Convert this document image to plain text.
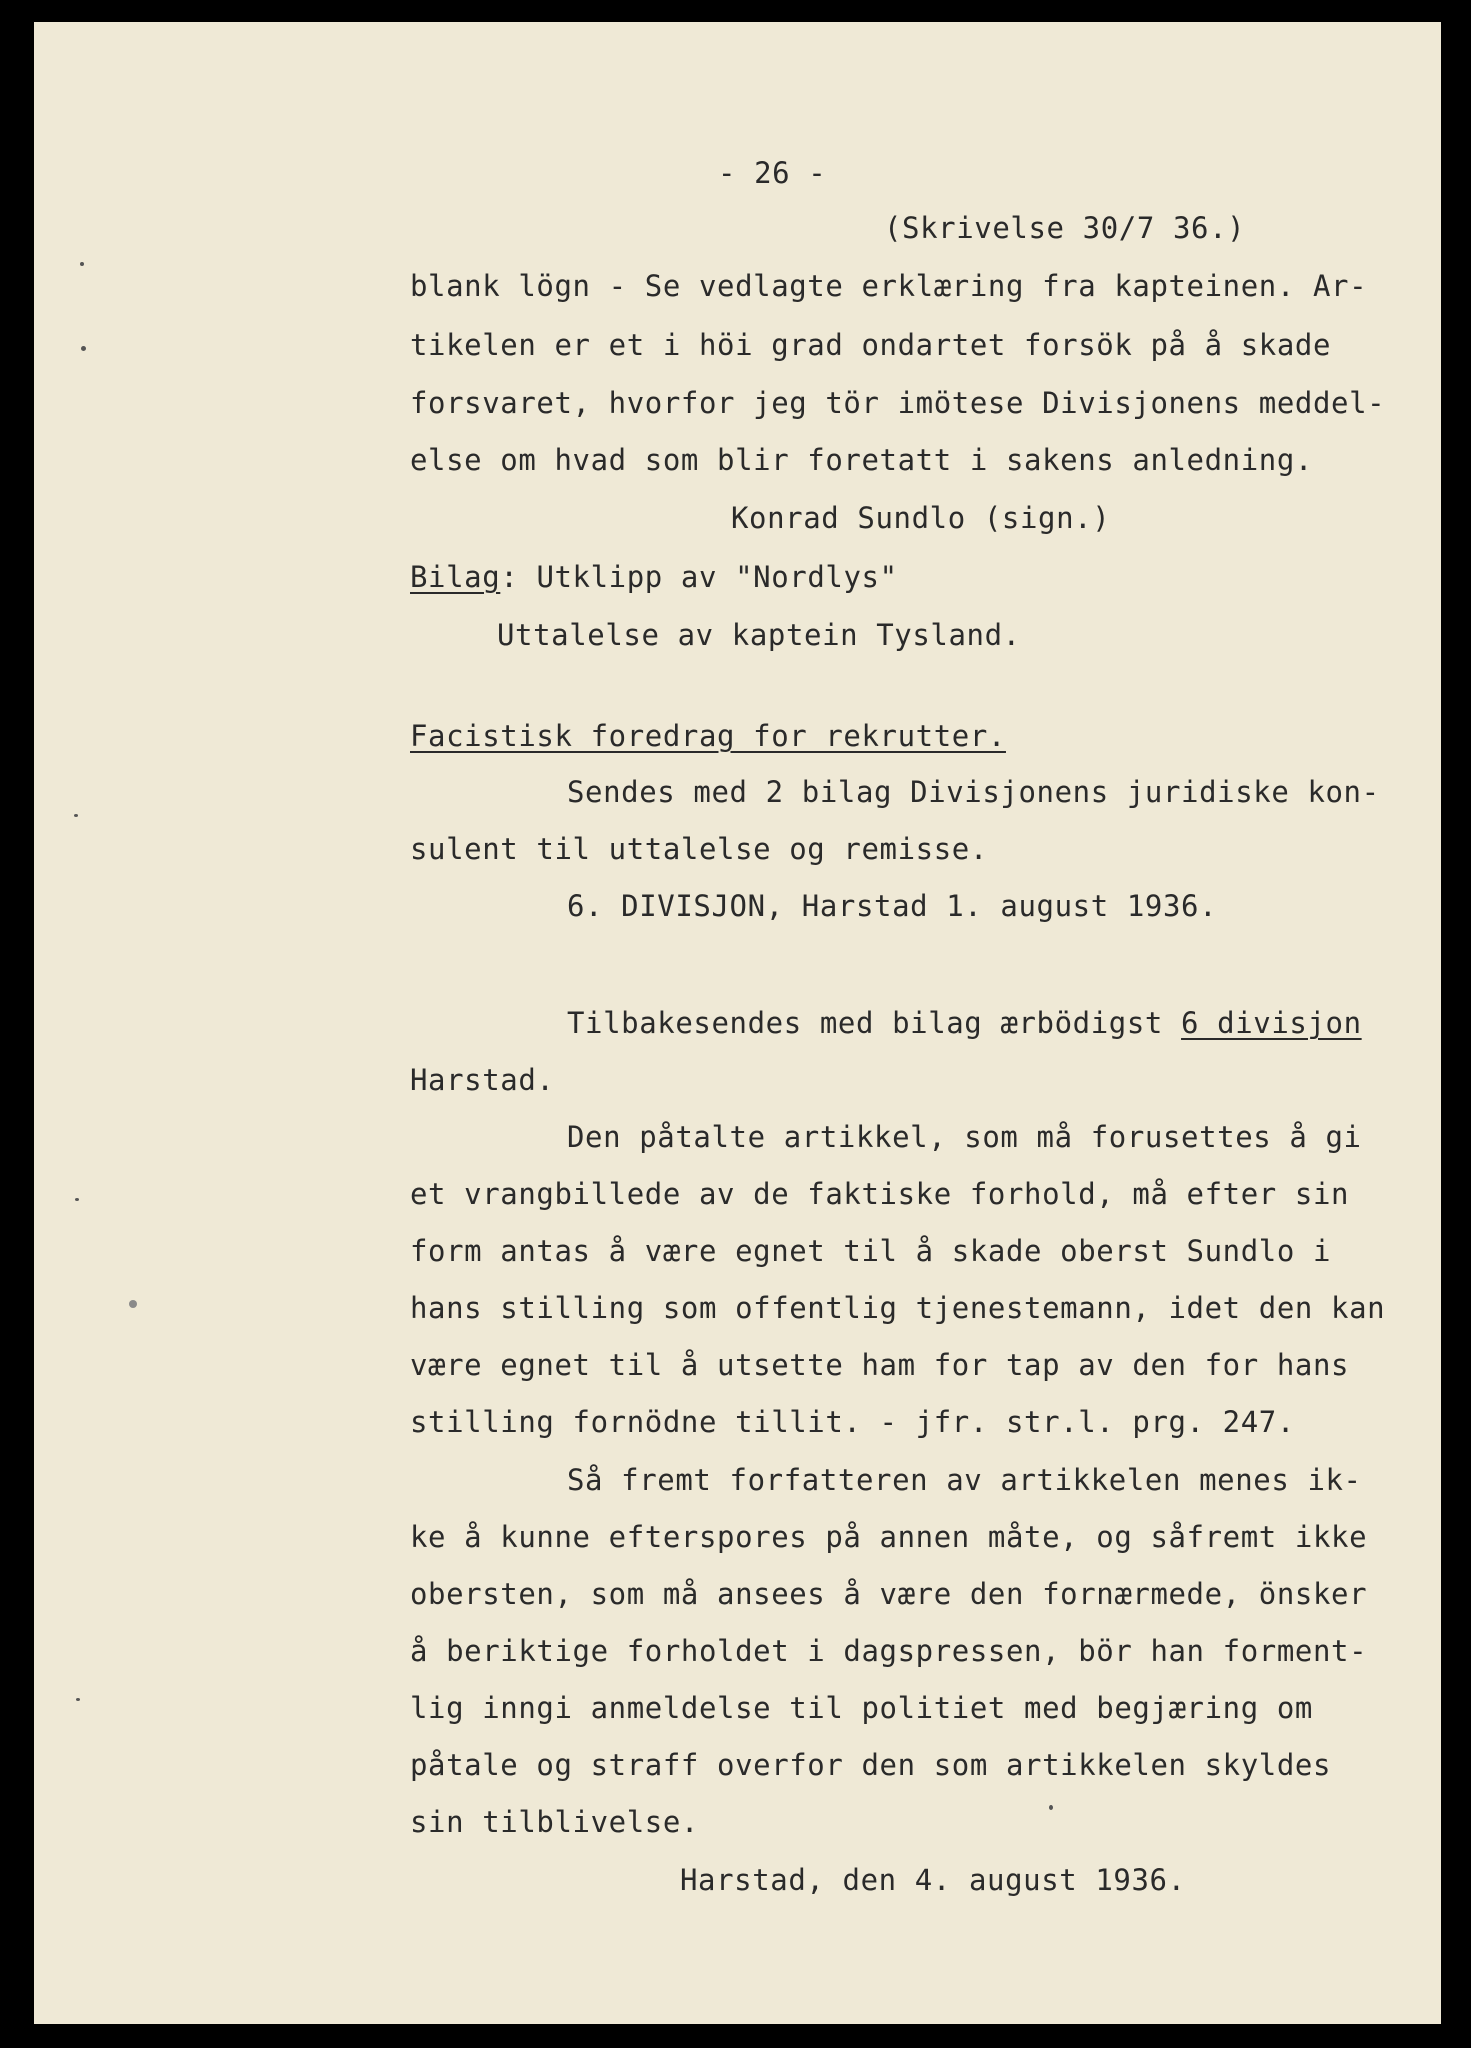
- 26 -
(Skrivelse 30/7 36.)
blank lögn - Se vedlagte erklæring fra kapteinen. Ar-
tikelen er et i höi grad ondartet forsök på å skade
forsvaret, hvorfor jeg tör imötese Divisjonens meddel-
else om hvad som blir foretatt i sakens anledning.
Konrad Sundlo (sign.)
Bilag: Utklipp av "Nordlys"
Uttalelse av kaptein Tysland.
Facistisk foredrag for rekrutter.
Sendes med 2 bilag Divisjonens juridiske kon-
sulent til uttalelse og remisse.
6. DIVISJON, Harstad 1. august 1936.
Tilbakesendes med bilag ærbödigst 6 divisjon
Harstad.
Den påtalte artikkel, som må forusettes å gi
et vrangbillede av de faktiske forhold, må efter sin
form antas å være egnet til å skade oberst Sundlo i
hans stilling som offentlig tjenestemann, idet den kan
være egnet til å utsette ham for tap av den for hans
stilling fornödne tillit. - jfr. str.l. prg. 247.
Så fremt forfatteren av artikkelen menes ik-
ke å kunne efterspores på annen måte, og såfremt ikke
obersten, som må ansees å være den fornærmede, önsker
å beriktige forholdet i dagspressen, bör han forment-
lig inngi anmeldelse til politiet med begjæring om
påtale og straff overfor den som artikkelen skyldes
sin tilblivelse.
Harstad, den 4. august 1936.
